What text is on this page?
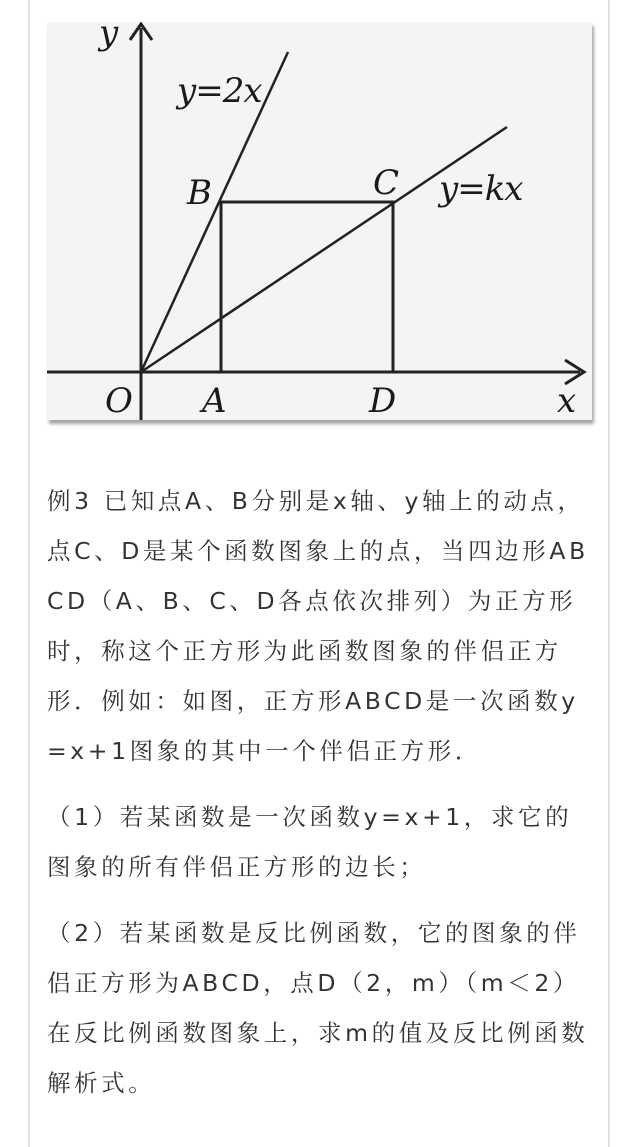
y
x
O A
B	C
D
y=2x
y=kx

例3 已知点A、B分别是x轴、y轴上的动点，点C、D是某个函数图象上的点，当四边形ABCD（A、B、C、D各点依次排列）为正方形时，称这个正方形为此函数图象的伴侣正方形．例如：如图，正方形ABCD是一次函数y=x+1图象的其中一个伴侣正方形．

（1）若某函数是一次函数y=x+1，求它的图象的所有伴侣正方形的边长；

（2）若某函数是反比例函数，它的图象的伴侣正方形为ABCD，点D（2，m）（m＜2）在反比例函数图象上，求m的值及反比例函数解析式。
